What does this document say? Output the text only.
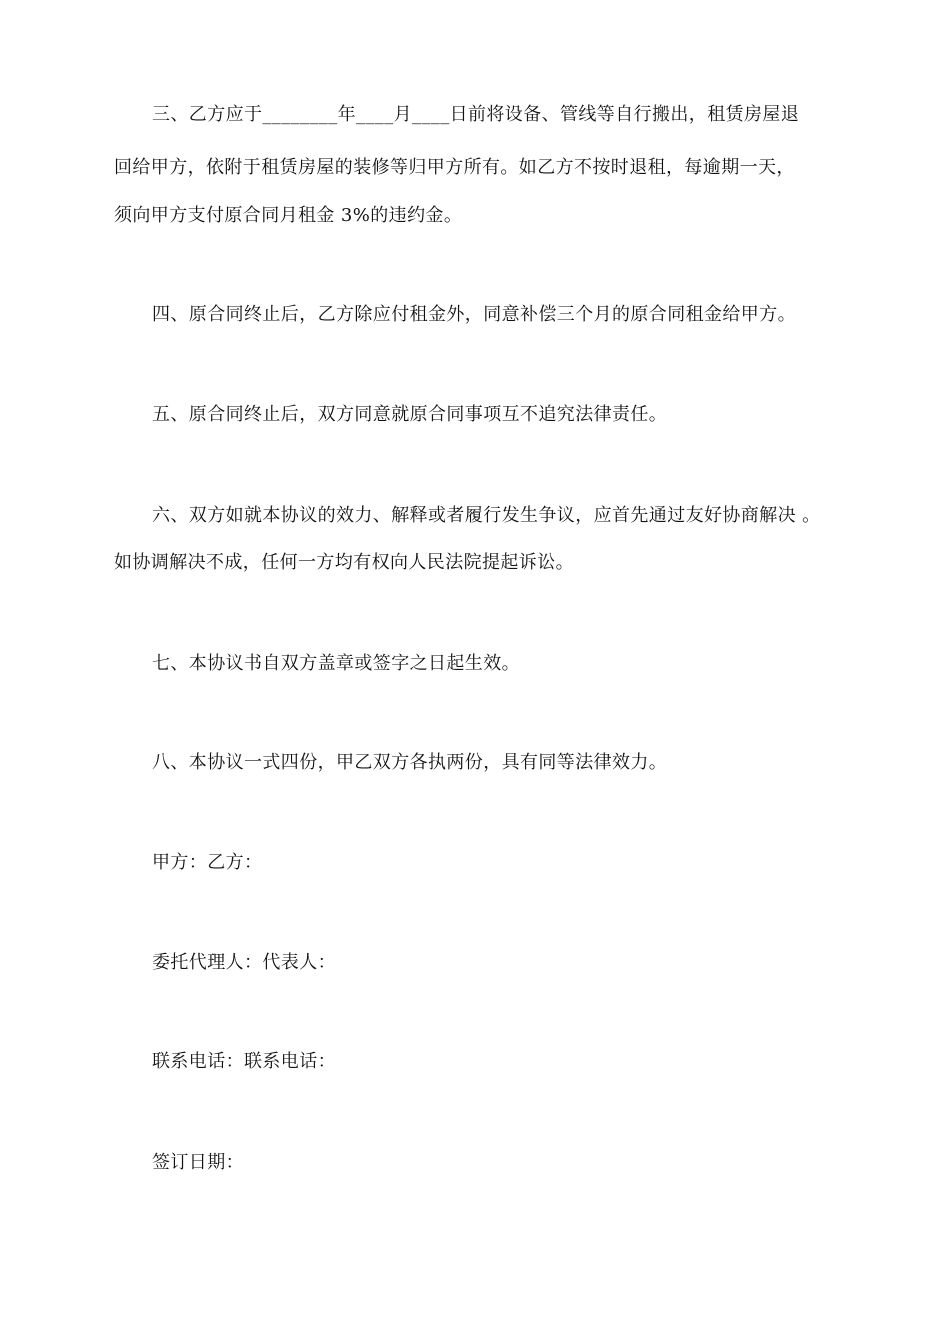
三、乙方应于________年____月____日前将设备、管线等自行搬出，租赁房屋退
回给甲方，依附于租赁房屋的装修等归甲方所有。如乙方不按时退租，每逾期一天，
须向甲方支付原合同月租金 3%的违约金。
四、原合同终止后，乙方除应付租金外，同意补偿三个月的原合同租金给甲方。
五、原合同终止后，双方同意就原合同事项互不追究法律责任。
六、双方如就本协议的效力、解释或者履行发生争议，应首先通过友好协商解决 。
如协调解决不成，任何一方均有权向人民法院提起诉讼。
七、本协议书自双方盖章或签字之日起生效。
八、本协议一式四份，甲乙双方各执两份，具有同等法律效力。
甲方：乙方：
委托代理人：代表人：
联系电话：联系电话：
签订日期：
